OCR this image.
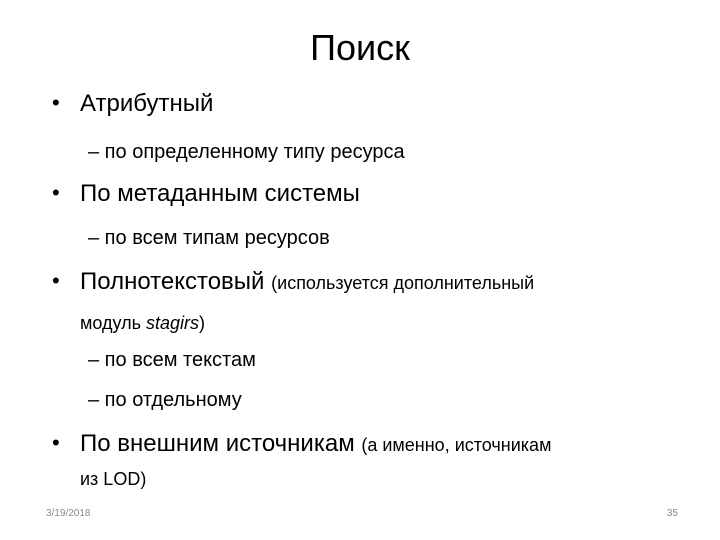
Поиск
• Атрибутный
– по определенному типу ресурса
• По метаданным системы
– по всем типам ресурсов
• Полнотекстовый (используется дополнительный
модуль stagirs)
– по всем текстам
– по отдельному
• По внешним источникам (а именно, источникам
из LOD)
3/19/2018	35
